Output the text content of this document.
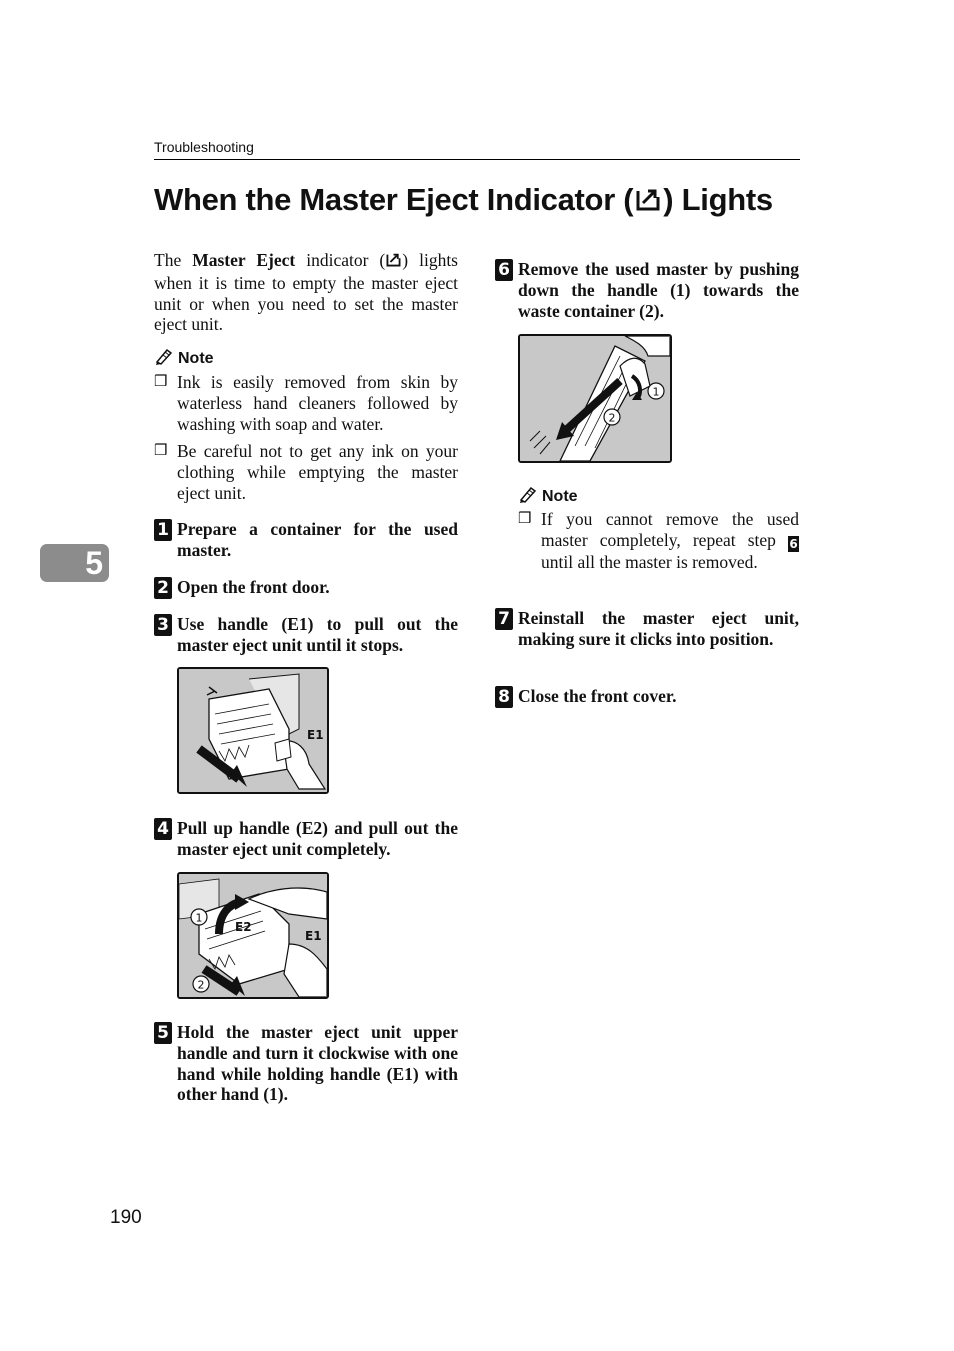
Troubleshooting
When the Master Eject Indicator ( ) Lights
The Master Eject indicator ( ) lights when it is time to empty the master eject unit or when you need to set the master eject unit.
Note
❒ Ink is easily removed from skin by waterless hand cleaners followed by washing with soap and water.
❒ Be careful not to get any ink on your clothing while emptying the master eject unit.
1 Prepare a container for the used master.
2 Open the front door.
3 Use handle (E1) to pull out the master eject unit until it stops.
E1
4 Pull up handle (E2) and pull out the master eject unit completely.
1
2
E2
E1
5 Hold the master eject unit upper handle and turn it clockwise with one hand while holding handle (E1) with other hand (1).
6 Remove the used master by pushing down the handle (1) towards the waste container (2).
1
2
Note
❒ If you cannot remove the used master completely, repeat step 6 until all the master is removed.
7 Reinstall the master eject unit, making sure it clicks into position.
8 Close the front cover.
5
190
